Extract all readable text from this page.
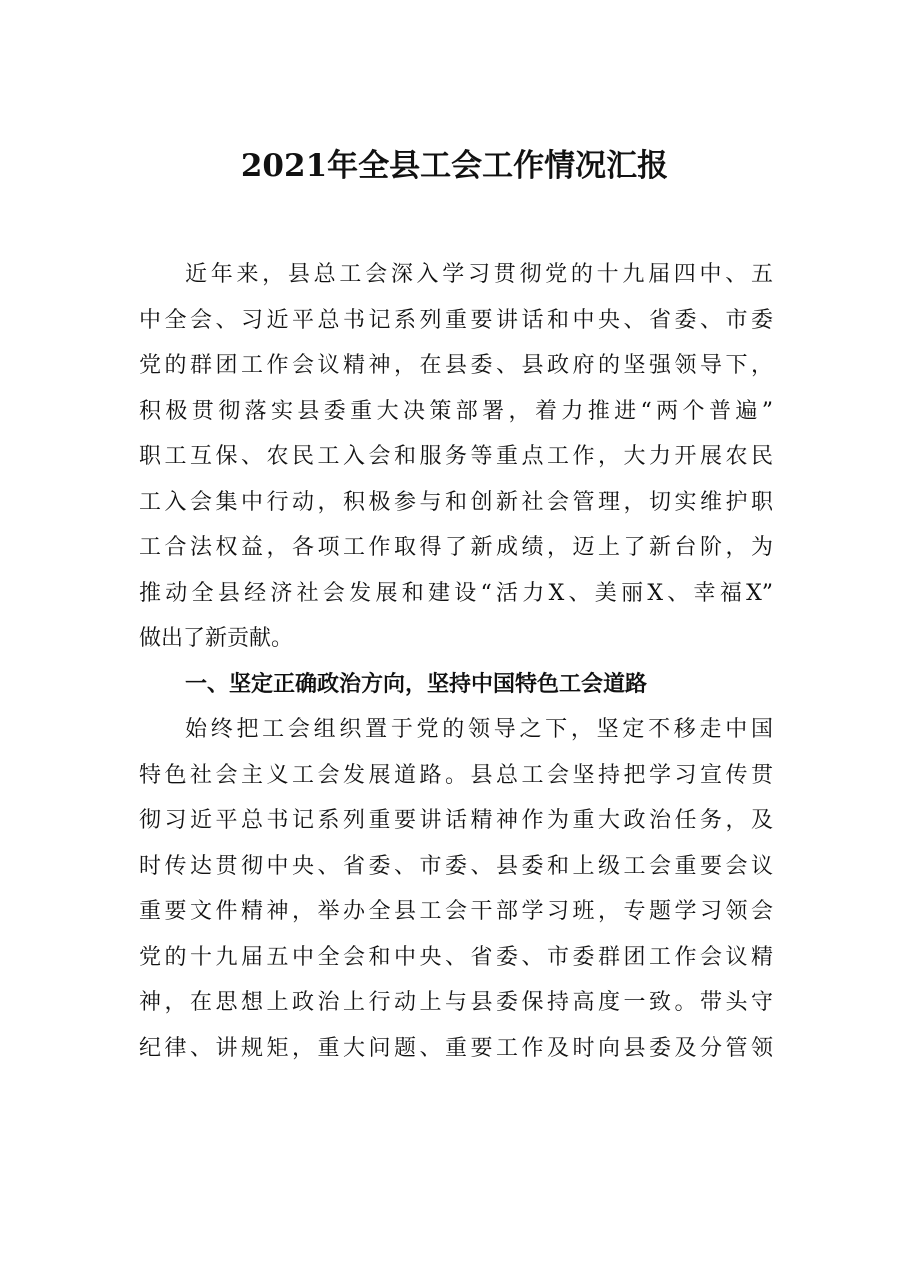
2021年全县工会工作情况汇报
近年来，县总工会深入学习贯彻党的十九届四中、五
中全会、习近平总书记系列重要讲话和中央、省委、市委
党的群团工作会议精神，在县委、县政府的坚强领导下，
积极贯彻落实县委重大决策部署，着力推进“两个普遍”
职工互保、农民工入会和服务等重点工作，大力开展农民
工入会集中行动，积极参与和创新社会管理，切实维护职
工合法权益，各项工作取得了新成绩，迈上了新台阶，为
推动全县经济社会发展和建设“活力X、美丽X、幸福X”
做出了新贡献。
一、坚定正确政治方向，坚持中国特色工会道路
始终把工会组织置于党的领导之下，坚定不移走中国
特色社会主义工会发展道路。县总工会坚持把学习宣传贯
彻习近平总书记系列重要讲话精神作为重大政治任务，及
时传达贯彻中央、省委、市委、县委和上级工会重要会议
重要文件精神，举办全县工会干部学习班，专题学习领会
党的十九届五中全会和中央、省委、市委群团工作会议精
神，在思想上政治上行动上与县委保持高度一致。带头守
纪律、讲规矩，重大问题、重要工作及时向县委及分管领
